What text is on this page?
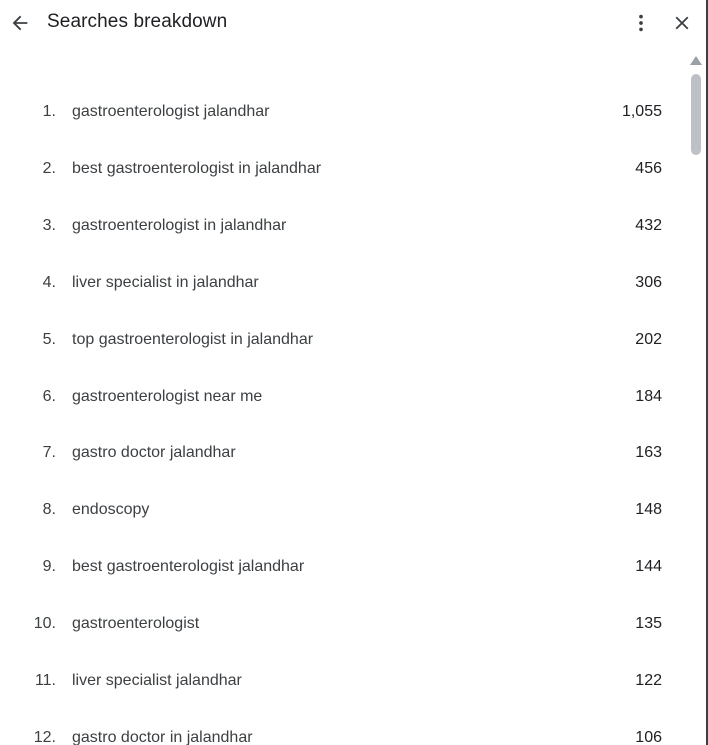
Searches breakdown
1. gastroenterologist jalandhar	1,055
2. best gastroenterologist in jalandhar	456
3. gastroenterologist in jalandhar	432
4. liver specialist in jalandhar	306
5. top gastroenterologist in jalandhar	202
6. gastroenterologist near me	184
7. gastro doctor jalandhar	163
8. endoscopy	148
9. best gastroenterologist jalandhar	144
10. gastroenterologist	135
11. liver specialist jalandhar	122
12. gastro doctor in jalandhar	106
